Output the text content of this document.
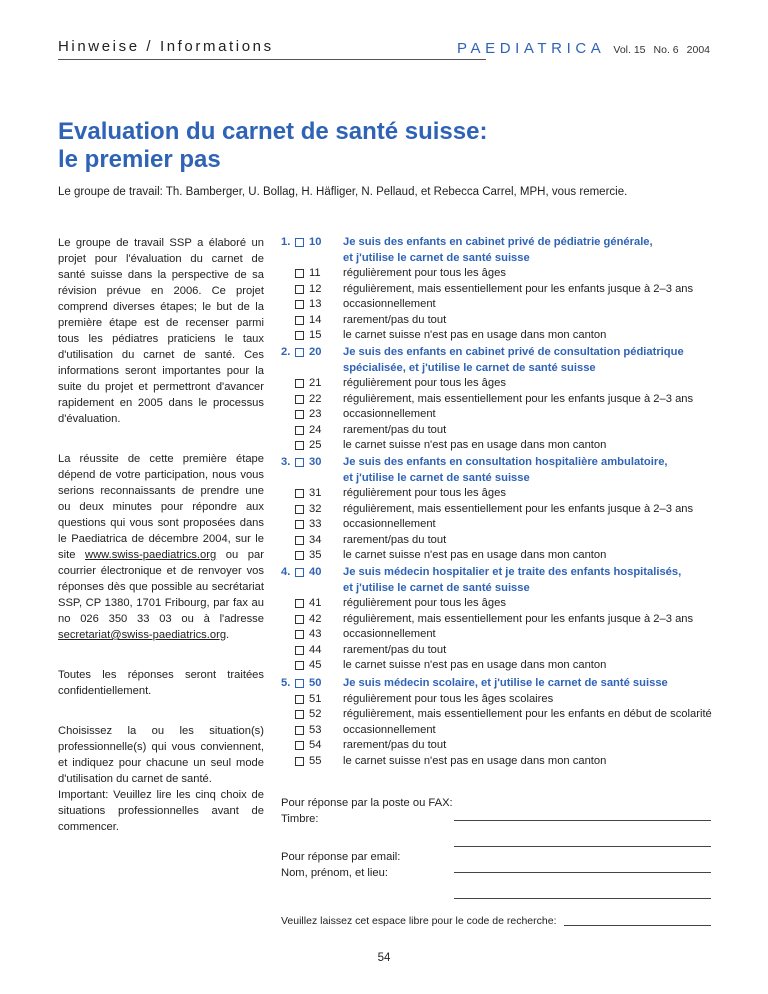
Hinweise / Informations	PAEDIATRICA Vol. 15 No. 6 2004
Evaluation du carnet de santé suisse:
le premier pas

Le groupe de travail: Th. Bamberger, U. Bollag, H. Häfliger, N. Pellaud, et Rebecca Carrel, MPH, vous remercie.

Le groupe de travail SSP a élaboré un projet pour l'évaluation du carnet de santé suisse dans la perspective de sa révision prévue en 2006. Ce projet comprend diverses étapes; le but de la première étape est de recenser parmi tous les pédiatres praticiens le taux d'utilisation du carnet de santé. Ces informations seront importantes pour la suite du projet et permettront d'avancer rapidement en 2005 dans le processus d'évaluation.

La réussite de cette première étape dépend de votre participation, nous vous serions reconnaissants de prendre une ou deux minutes pour répondre aux questions qui vous sont proposées dans le Paediatrica de décembre 2004, sur le site www.swiss-paediatrics.org ou par courrier électronique et de renvoyer vos réponses dès que possible au secrétariat SSP, CP 1380, 1701 Fribourg, par fax au no 026 350 33 03 ou à l'adresse secretariat@swiss-paediatrics.org.

Toutes les réponses seront traitées confidentiellement.

Choisissez la ou les situation(s) professionnelle(s) qui vous conviennent, et indiquez pour chacune un seul mode d'utilisation du carnet de santé.

Important: Veuillez lire les cinq choix de situations professionnelles avant de commencer.

1.	10 Je suis des enfants en cabinet privé de pédiatrie générale,
et j'utilise le carnet de santé suisse
11 régulièrement pour tous les âges
12 régulièrement, mais essentiellement pour les enfants jusque à 2–3 ans
13 occasionnellement
14 rarement/pas du tout
15 le carnet suisse n'est pas en usage dans mon canton
2.	20 Je suis des enfants en cabinet privé de consultation pédiatrique
spécialisée, et j'utilise le carnet de santé suisse
21 régulièrement pour tous les âges
22 régulièrement, mais essentiellement pour les enfants jusque à 2–3 ans
23 occasionnellement
24 rarement/pas du tout
25 le carnet suisse n'est pas en usage dans mon canton
3.	30 Je suis des enfants en consultation hospitalière ambulatoire,
et j'utilise le carnet de santé suisse
31 régulièrement pour tous les âges
32 régulièrement, mais essentiellement pour les enfants jusque à 2–3 ans
33 occasionnellement
34 rarement/pas du tout
35 le carnet suisse n'est pas en usage dans mon canton
4.	40 Je suis médecin hospitalier et je traite des enfants hospitalisés,
et j'utilise le carnet de santé suisse
41 régulièrement pour tous les âges
42 régulièrement, mais essentiellement pour les enfants jusque à 2–3 ans
43 occasionnellement
44 rarement/pas du tout
45 le carnet suisse n'est pas en usage dans mon canton
5.	50 Je suis médecin scolaire, et j'utilise le carnet de santé suisse
51 régulièrement pour tous les âges scolaires
52 régulièrement, mais essentiellement pour les enfants en début de scolarité
53 occasionnellement
54 rarement/pas du tout
55 le carnet suisse n'est pas en usage dans mon canton
Pour réponse par la poste ou FAX:
Timbre:
Pour réponse par email:
Nom, prénom, et lieu:
Veuillez laissez cet espace libre pour le code de recherche:
54
